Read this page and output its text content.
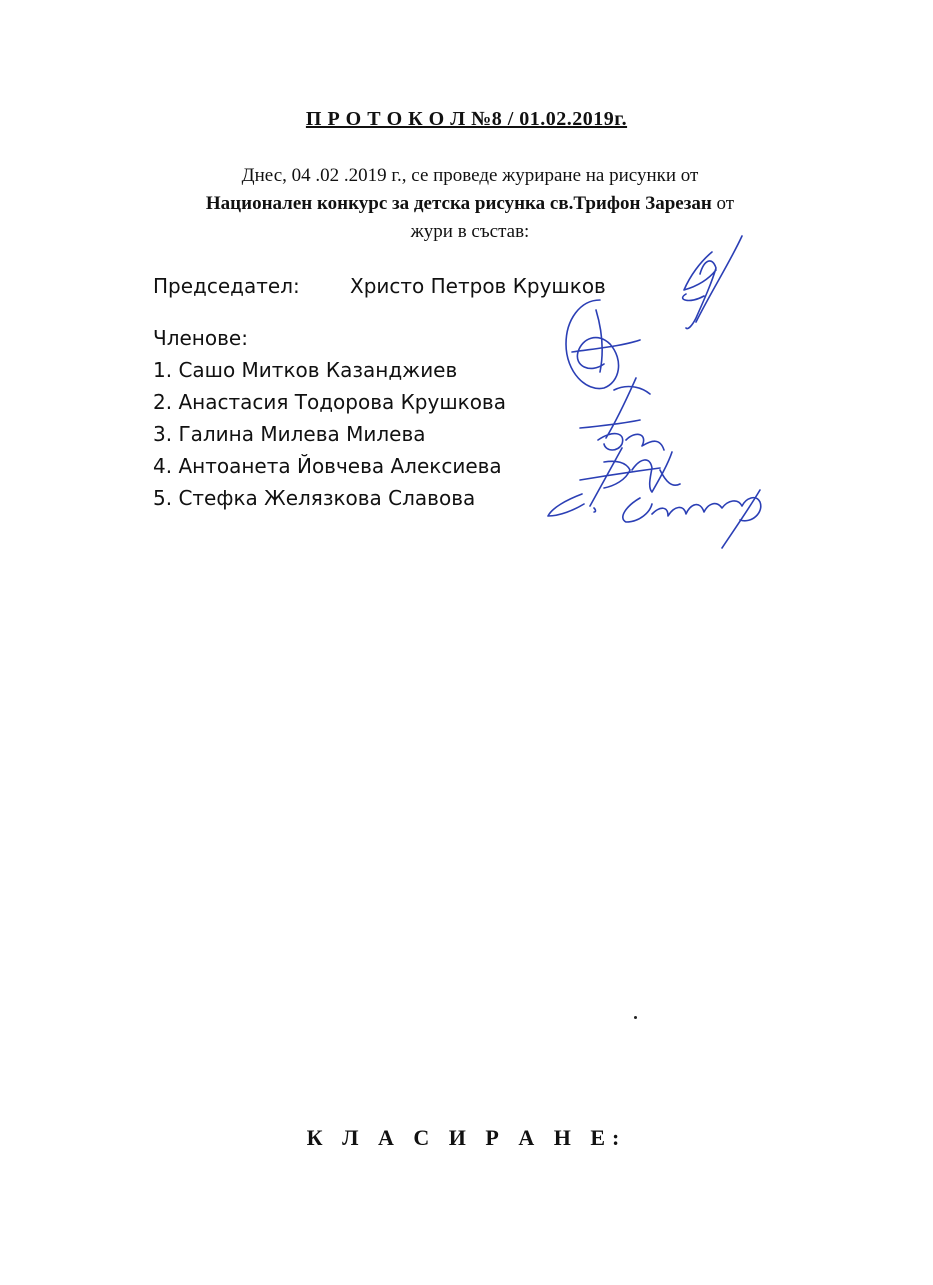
П Р О Т О К О Л №8 / 01.02.2019г.
Днес, 04 .02 .2019 г., се проведе журиране на рисунки от
Национален конкурс за детска рисунка св.Трифон Зарезан от
жури в състав:
Председател:	Христо Петров Крушков
Членове:
1. Сашо Митков Казанджиев
2. Анастасия Тодорова Крушкова
3. Галина Милева Милева
4. Антоанета Йовчева Алексиева
5. Стефка Желязкова Славова
К Л А С И Р А Н Е:
